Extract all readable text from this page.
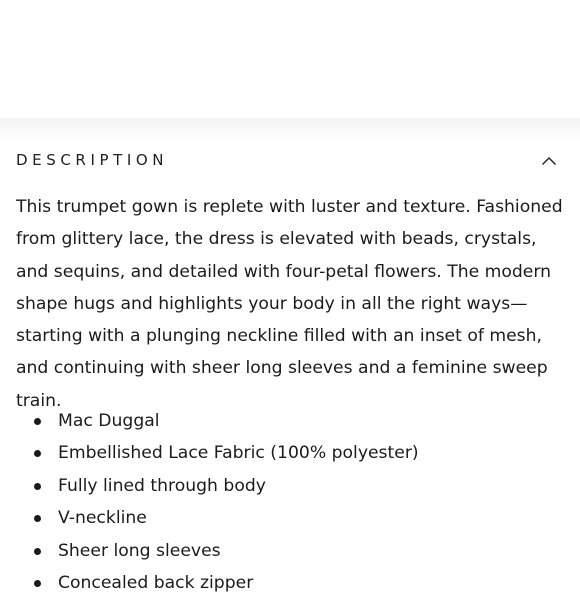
DESCRIPTION

This trumpet gown is replete with luster and texture. Fashioned from glittery lace, the dress is elevated with beads, crystals, and sequins, and detailed with four-petal flowers. The modern shape hugs and highlights your body in all the right ways—starting with a plunging neckline filled with an inset of mesh, and continuing with sheer long sleeves and a feminine sweep train.

Mac Duggal
Embellished Lace Fabric (100% polyester)
Fully lined through body
V-neckline
Sheer long sleeves
Concealed back zipper
